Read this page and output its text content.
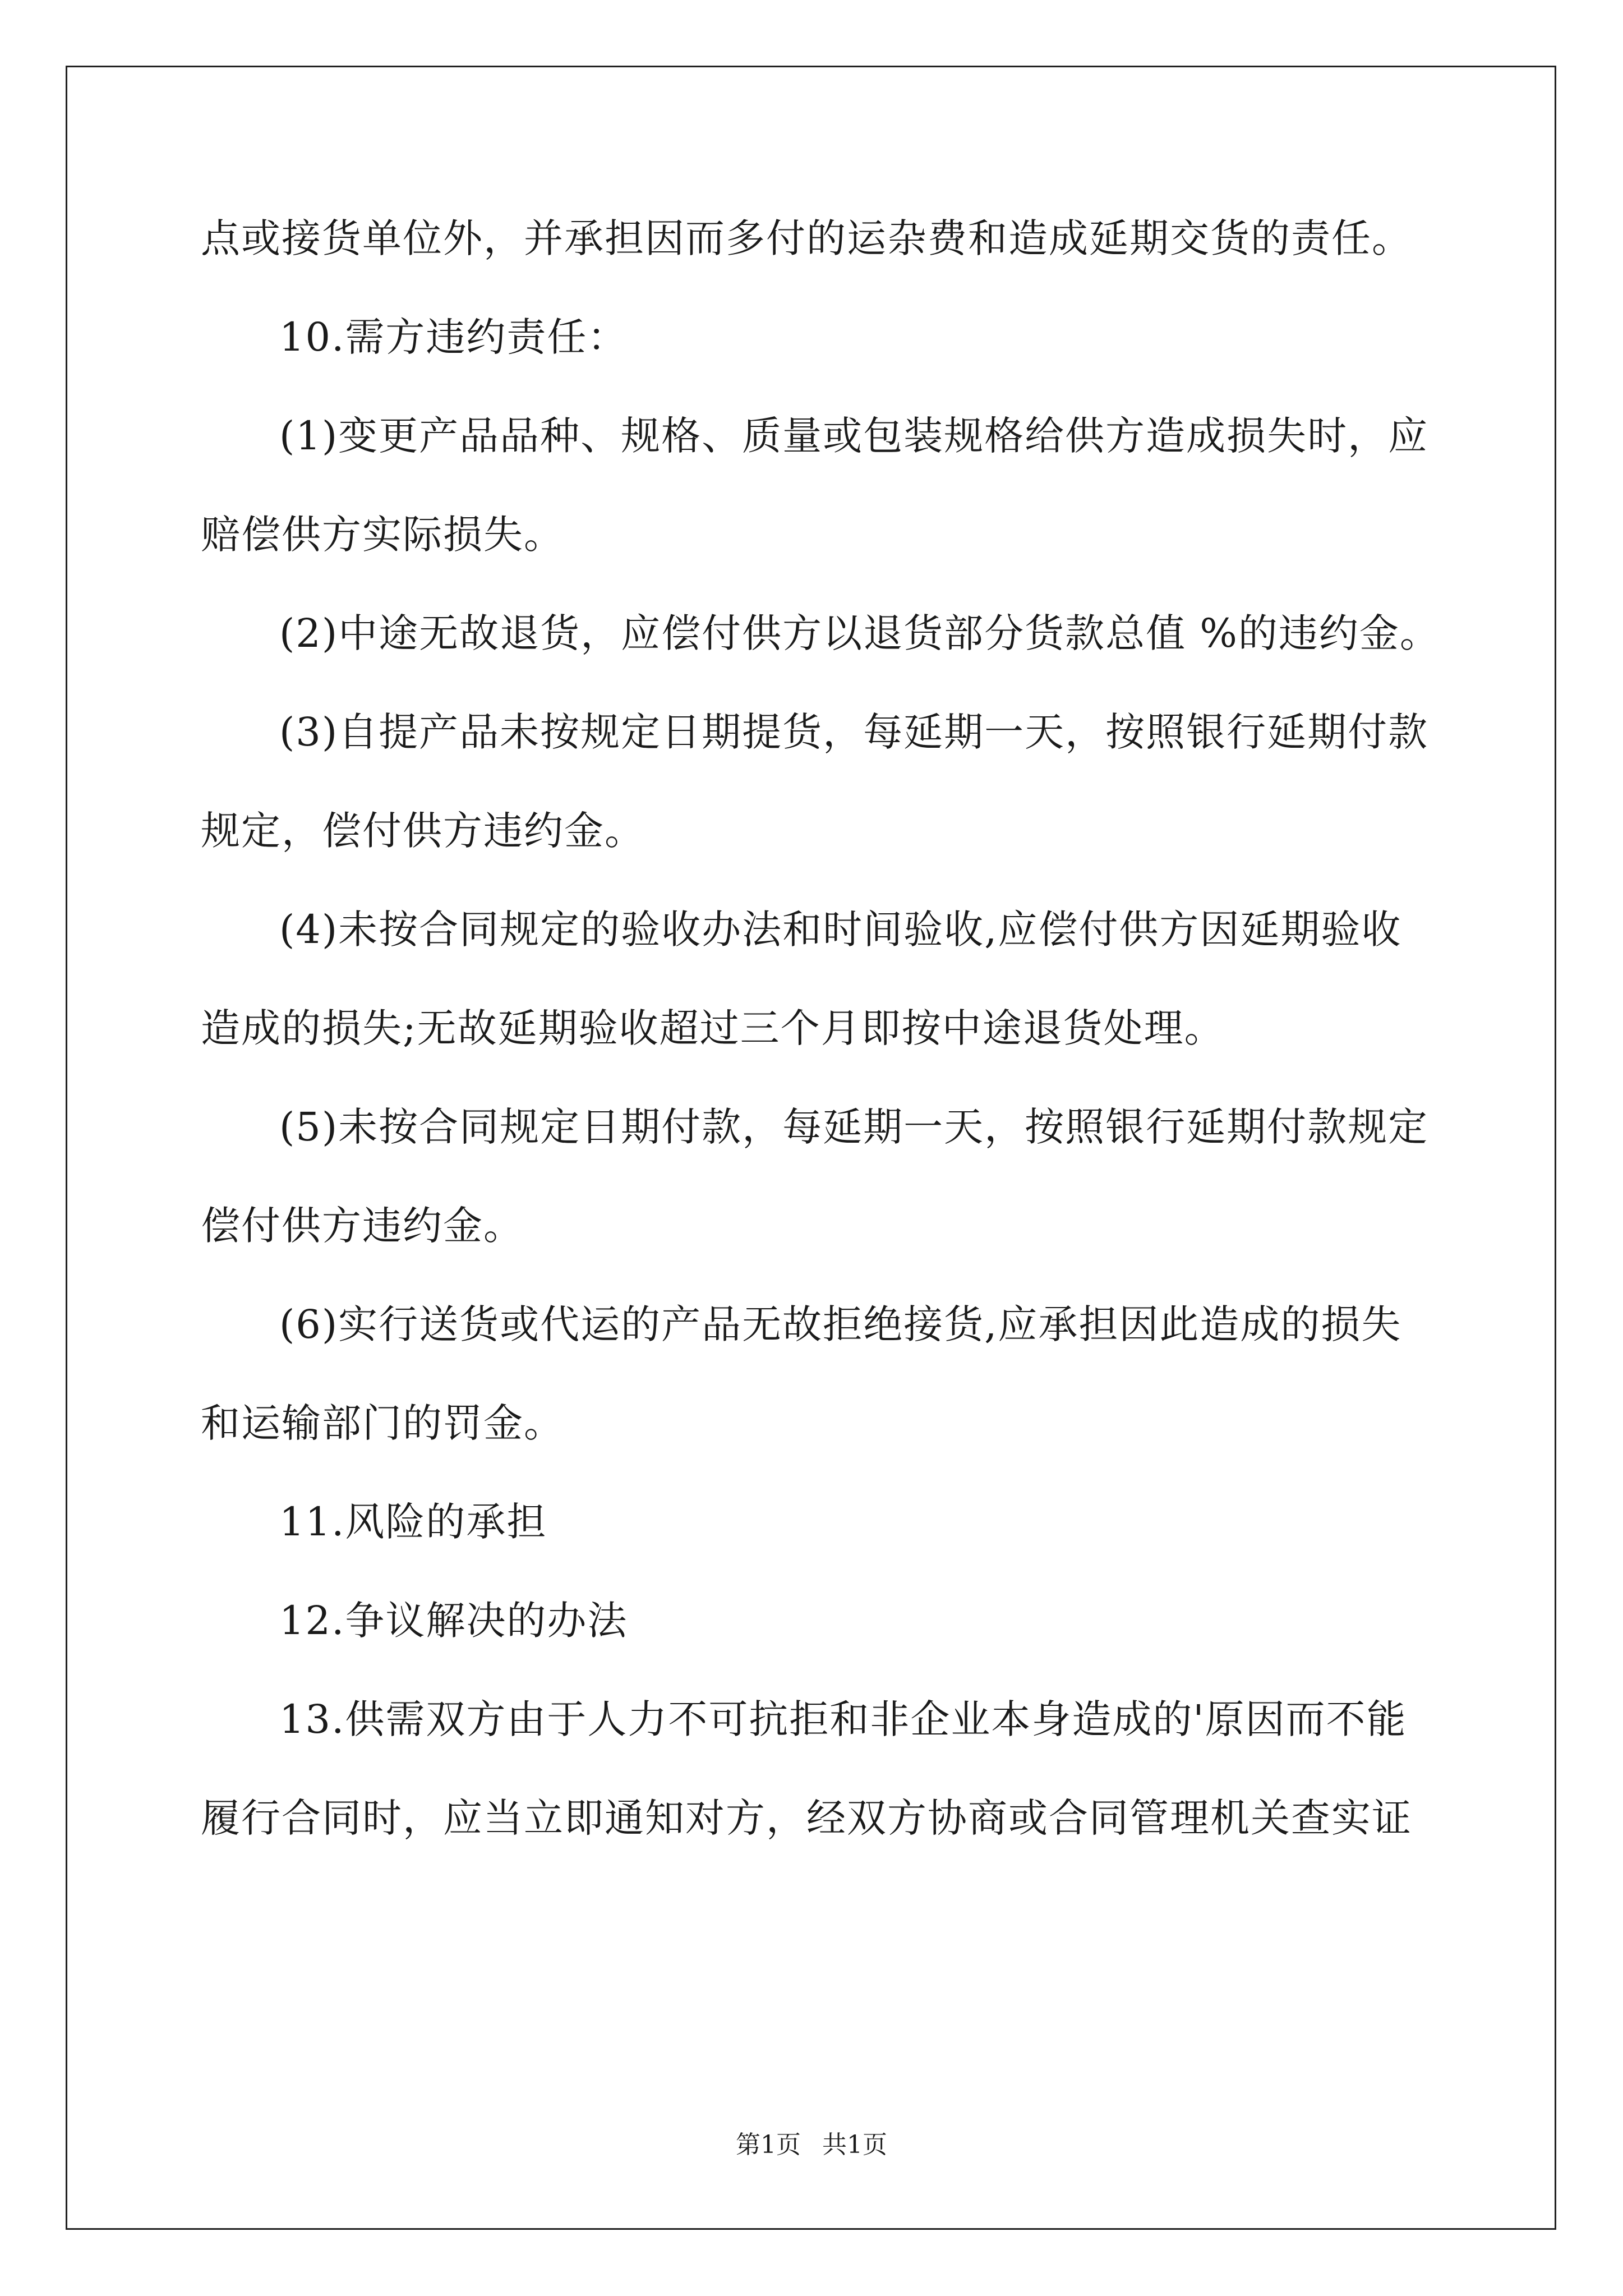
点或接货单位外，并承担因而多付的运杂费和造成延期交货的责任。
10.需方违约责任：
(1)变更产品品种、规格、质量或包装规格给供方造成损失时，应
赔偿供方实际损失。
(2)中途无故退货，应偿付供方以退货部分货款总值 %的违约金。
(3)自提产品未按规定日期提货，每延期一天，按照银行延期付款
规定，偿付供方违约金。
(4)未按合同规定的验收办法和时间验收,应偿付供方因延期验收
造成的损失;无故延期验收超过三个月即按中途退货处理。
(5)未按合同规定日期付款，每延期一天，按照银行延期付款规定
偿付供方违约金。
(6)实行送货或代运的产品无故拒绝接货,应承担因此造成的损失
和运输部门的罚金。
11.风险的承担
12.争议解决的办法
13.供需双方由于人力不可抗拒和非企业本身造成的'原因而不能
履行合同时，应当立即通知对方，经双方协商或合同管理机关查实证
第1页 共1页
